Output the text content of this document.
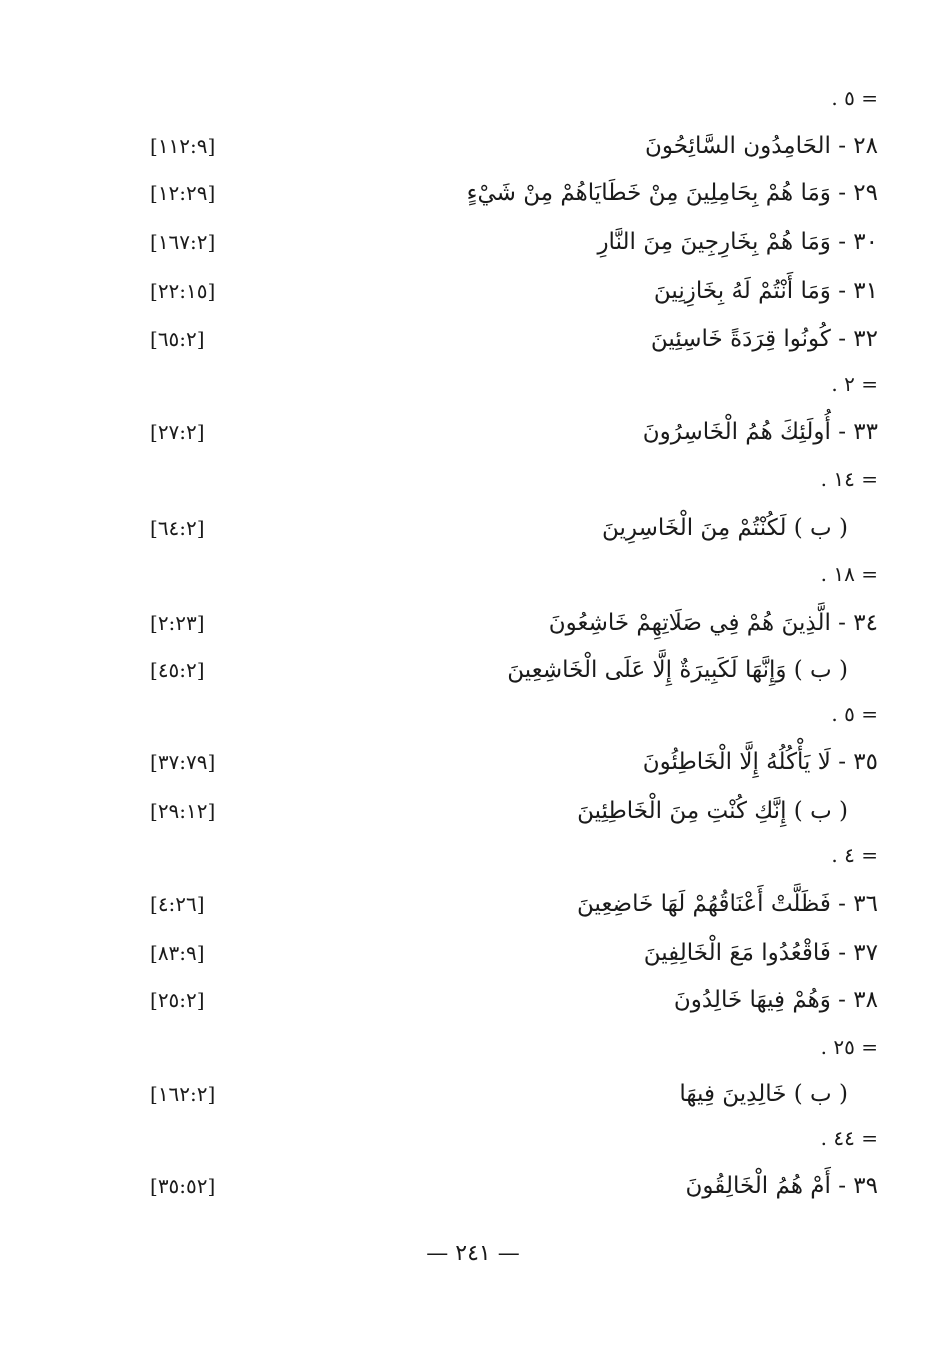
= ٥ .
٢٨ - الحَامِدُون السَّائِحُونَ
[١١٢:٩]
٢٩ - وَمَا هُمْ بِحَامِلِينَ مِنْ خَطَايَاهُمْ مِنْ شَيْءٍ
[١٢:٢٩]
٣٠ - وَمَا هُمْ بِخَارِجِينَ مِنَ النَّارِ
[١٦٧:٢]
٣١ - وَمَا أَنْتُمْ لَهُ بِخَازِنِينَ
[٢٢:١٥]
٣٢ - كُونُوا قِرَدَةً خَاسِئِينَ
[٦٥:٢]
= ٢ .
٣٣ - أُولَئِكَ هُمُ الْخَاسِرُونَ
[٢٧:٢]
= ١٤ .
( ب ) لَكُنْتُمْ مِنَ الْخَاسِرِينَ
[٦٤:٢]
= ١٨ .
٣٤ - الَّذِينَ هُمْ فِي صَلَاتِهِمْ خَاشِعُونَ
[٢:٢٣]
( ب ) وَإِنَّهَا لَكَبِيرَةٌ إِلَّا عَلَى الْخَاشِعِينَ
[٤٥:٢]
= ٥ .
٣٥ - لَا يَأْكُلُهُ إِلَّا الْخَاطِئُونَ
[٣٧:٧٩]
( ب ) إِنَّكِ كُنْتِ مِنَ الْخَاطِئِينَ
[٢٩:١٢]
= ٤ .
٣٦ - فَظَلَّتْ أَعْنَاقُهُمْ لَهَا خَاضِعِينَ
[٤:٢٦]
٣٧ - فَاقْعُدُوا مَعَ الْخَالِفِينَ
[٨٣:٩]
٣٨ - وَهُمْ فِيهَا خَالِدُونَ
[٢٥:٢]
= ٢٥ .
( ب ) خَالِدِينَ فِيهَا
[١٦٢:٢]
= ٤٤ .
٣٩ - أَمْ هُمُ الْخَالِقُونَ
[٣٥:٥٢]
— ٢٤١ —
